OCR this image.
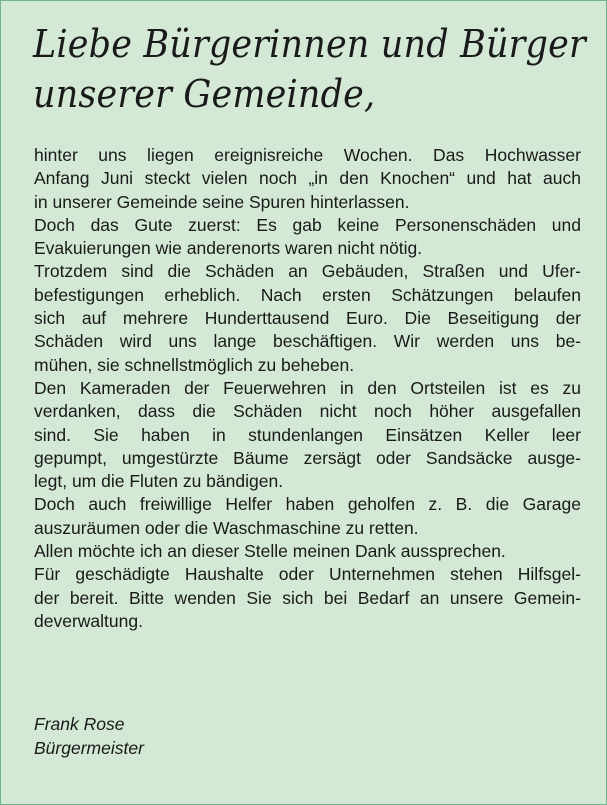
Liebe Bürgerinnen und Bürger
unserer Gemeinde,
hinter uns liegen ereignisreiche Wochen. Das Hochwasser
Anfang Juni steckt vielen noch „in den Knochen“ und hat auch
in unserer Gemeinde seine Spuren hinterlassen.
Doch das Gute zuerst: Es gab keine Personenschäden und
Evakuierungen wie anderenorts waren nicht nötig.
Trotzdem sind die Schäden an Gebäuden, Straßen und Ufer-
befestigungen erheblich. Nach ersten Schätzungen belaufen
sich auf mehrere Hunderttausend Euro. Die Beseitigung der
Schäden wird uns lange beschäftigen. Wir werden uns be-
mühen, sie schnellstmöglich zu beheben.
Den Kameraden der Feuerwehren in den Ortsteilen ist es zu
verdanken, dass die Schäden nicht noch höher ausgefallen
sind. Sie haben in stundenlangen Einsätzen Keller leer
gepumpt, umgestürzte Bäume zersägt oder Sandsäcke ausge-
legt, um die Fluten zu bändigen.
Doch auch freiwillige Helfer haben geholfen z. B. die Garage
auszuräumen oder die Waschmaschine zu retten.
Allen möchte ich an dieser Stelle meinen Dank aussprechen.
Für geschädigte Haushalte oder Unternehmen stehen Hilfsgel-
der bereit. Bitte wenden Sie sich bei Bedarf an unsere Gemein-
deverwaltung.
Frank Rose
Bürgermeister
